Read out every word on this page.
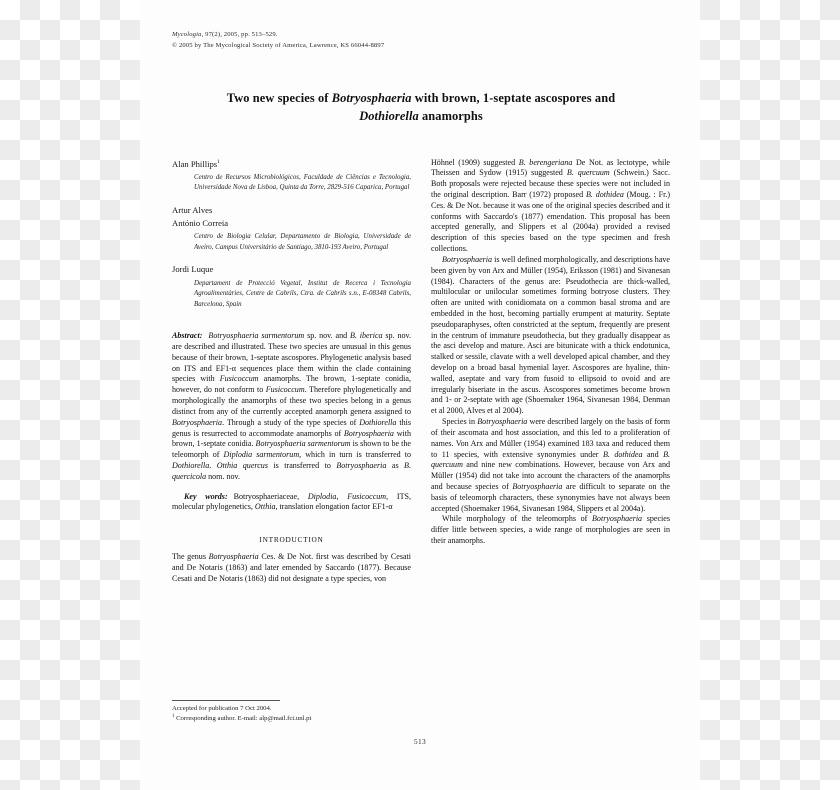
Mycologia, 97(2), 2005, pp. 513–529.
© 2005 by The Mycological Society of America, Lawrence, KS 66044-8897
Two new species of Botryosphaeria with brown, 1-septate ascospores and
Dothiorella anamorphs
Alan Phillips$^1$
Centro de Recursos Microbiológicos, Faculdade de Ciências e Tecnologia, Universidade Nova de Lisboa, Quinta da Torre, 2829-516 Caparica, Portugal
Artur Alves
António Correia
Centro de Biologia Celular, Departamento de Biologia, Universidade de Aveiro, Campus Universitário de Santiago, 3810-193 Aveiro, Portugal
Jordi Luque
Departament de Protecció Vegetal, Institut de Recerca i Tecnologia Agroalimentàries, Centre de Cabrils, Ctra. de Cabrils s.n., E-08348 Cabrils, Barcelona, Spain
Abstract: Botryosphaeria sarmentorum sp. nov. and B. iberica sp. nov. are described and illustrated. These two species are unusual in this genus because of their brown, 1-septate ascospores. Phylogenetic analysis based on ITS and EF1-α sequences place them within the clade containing species with Fusicoccum anamorphs. The brown, 1-septate conidia, however, do not conform to Fusicoccum. Therefore phylogenetically and morphologically the anamorphs of these two species belong in a genus distinct from any of the currently accepted anamorph genera assigned to Botryosphaeria. Through a study of the type species of Dothiorella this genus is resurrected to accommodate anamorphs of Botryosphaeria with brown, 1-septate conidia. Botryosphaeria sarmentorum is shown to be the teleomorph of Diplodia sarmentorum, which in turn is transferred to Dothiorella. Otthia quercus is transferred to Botryosphaeria as B. quercicola nom. nov.
Key words: Botryosphaeriaceae, Diplodia, Fusicoccum, ITS, molecular phylogenetics, Otthia, translation elongation factor EF1-α
INTRODUCTION

The genus Botryosphaeria Ces. & De Not. first was described by Cesati and De Notaris (1863) and later emended by Saccardo (1877). Because Cesati and De Notaris (1863) did not designate a type species, von

Höhnel (1909) suggested B. berengeriana De Not. as lectotype, while Theissen and Sydow (1915) suggested B. quercuum (Schwein.) Sacc. Both proposals were rejected because these species were not included in the original description. Barr (1972) proposed B. dothidea (Moug. : Fr.) Ces. & De Not. because it was one of the original species described and it conforms with Saccardo's (1877) emendation. This proposal has been accepted generally, and Slippers et al (2004a) provided a revised description of this species based on the type specimen and fresh collections.

Botryosphaeria is well defined morphologically, and descriptions have been given by von Arx and Müller (1954), Eriksson (1981) and Sivanesan (1984). Characters of the genus are: Pseudothecia are thick-walled, multilocular or unilocular sometimes forming botryose clusters. They often are united with conidiomata on a common basal stroma and are embedded in the host, becoming partially erumpent at maturity. Septate pseudoparaphyses, often constricted at the septum, frequently are present in the centrum of immature pseudothecia, but they gradually disappear as the asci develop and mature. Asci are bitunicate with a thick endotunica, stalked or sessile, clavate with a well developed apical chamber, and they develop on a broad basal hymenial layer. Ascospores are hyaline, thin-walled, aseptate and vary from fusoid to ellipsoid to ovoid and are irregularly biseriate in the ascus. Ascospores sometimes become brown and 1- or 2-septate with age (Shoemaker 1964, Sivanesan 1984, Denman et al 2000, Alves et al 2004).

Species in Botryosphaeria were described largely on the basis of form of their ascomata and host association, and this led to a proliferation of names. Von Arx and Müller (1954) examined 183 taxa and reduced them to 11 species, with extensive synonymies under B. dothidea and B. quercuum and nine new combinations. However, because von Arx and Müller (1954) did not take into account the characters of the anamorphs and because species of Botryosphaeria are difficult to separate on the basis of teleomorph characters, these synonymies have not always been accepted (Shoemaker 1964, Sivanesan 1984, Slippers et al 2004a).

While morphology of the teleomorphs of Botryosphaeria species differ little between species, a wide range of morphologies are seen in their anamorphs.

Accepted for publication 7 Oct 2004.
$^1$ Corresponding author. E-mail: alp@mail.fct.unl.pt
513
